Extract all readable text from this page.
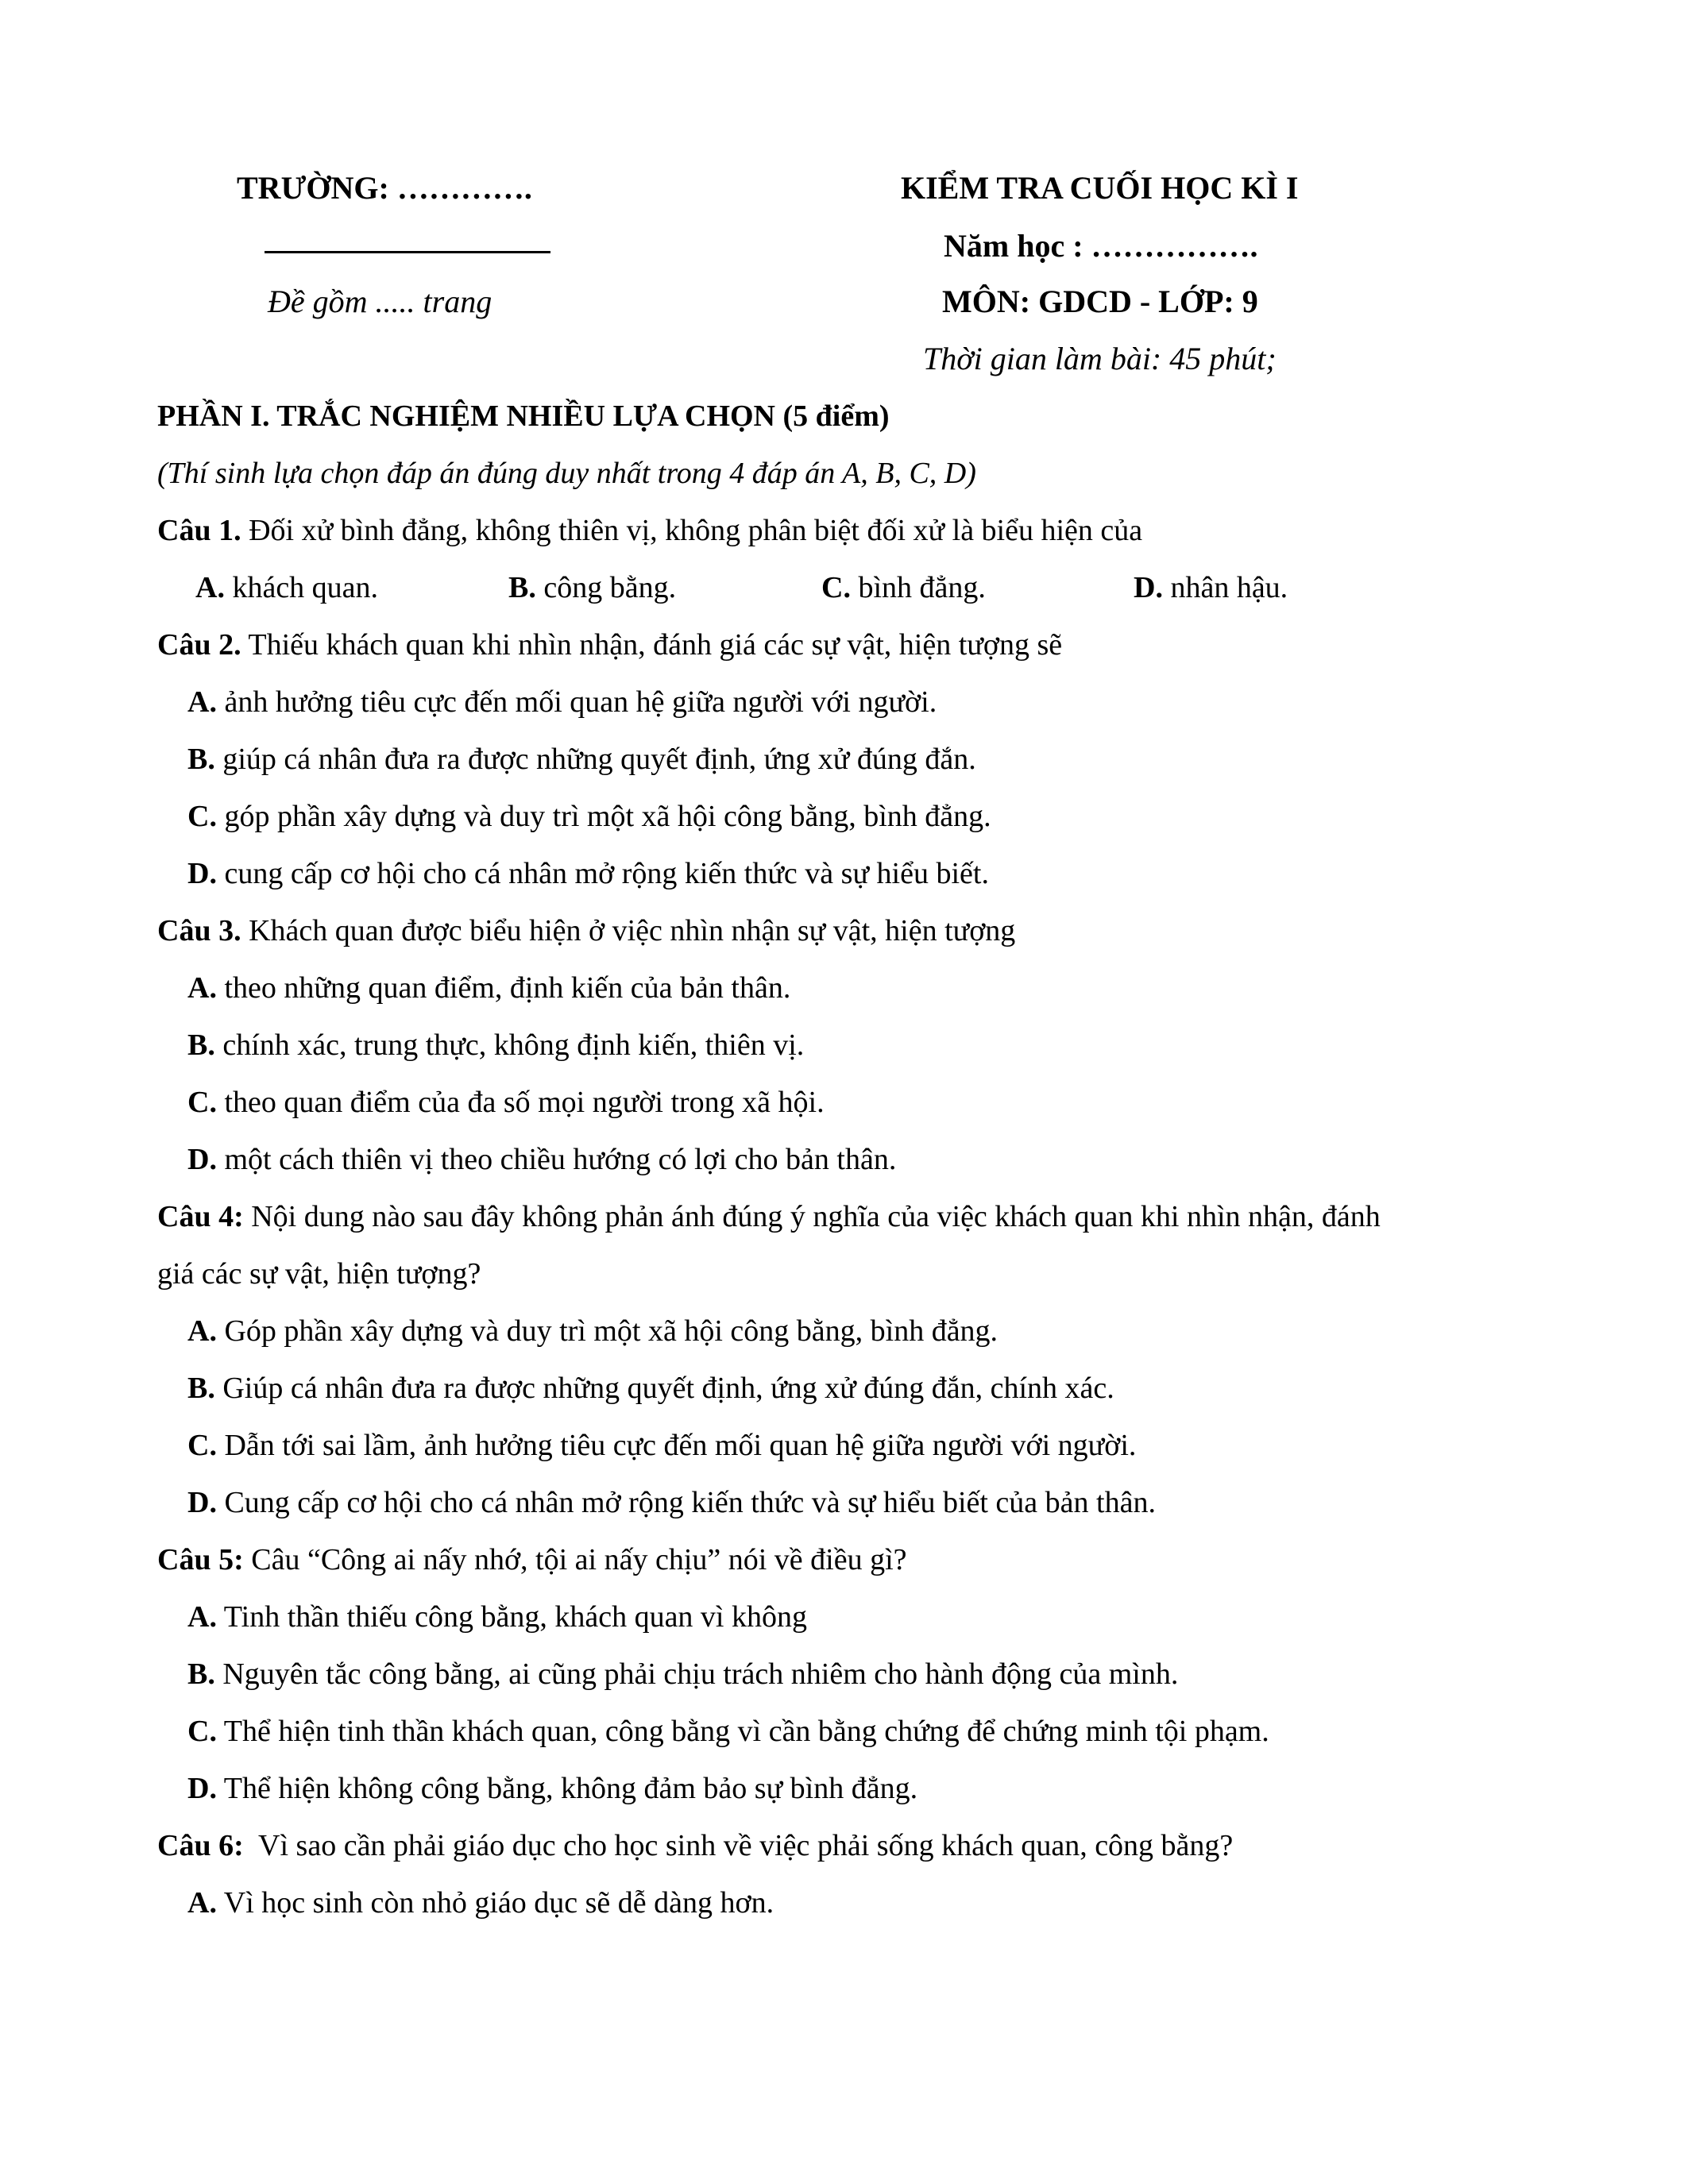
TRƯỜNG: ………….
Đề gồm ..... trang
KIỂM TRA CUỐI HỌC KÌ I
Năm học : …………….
MÔN: GDCD - LỚP: 9
Thời gian làm bài: 45 phút;
PHẦN I. TRẮC NGHIỆM NHIỀU LỰA CHỌN (5 điểm)
(Thí sinh lựa chọn đáp án đúng duy nhất trong 4 đáp án A, B, C, D)
Câu 1. Đối xử bình đẳng, không thiên vị, không phân biệt đối xử là biểu hiện của
A. khách quan.	B. công bằng.	C. bình đẳng.	D. nhân hậu.
Câu 2. Thiếu khách quan khi nhìn nhận, đánh giá các sự vật, hiện tượng sẽ
A. ảnh hưởng tiêu cực đến mối quan hệ giữa người với người.
B. giúp cá nhân đưa ra được những quyết định, ứng xử đúng đắn.
C. góp phần xây dựng và duy trì một xã hội công bằng, bình đẳng.
D. cung cấp cơ hội cho cá nhân mở rộng kiến thức và sự hiểu biết.
Câu 3. Khách quan được biểu hiện ở việc nhìn nhận sự vật, hiện tượng
A. theo những quan điểm, định kiến của bản thân.
B. chính xác, trung thực, không định kiến, thiên vị.
C. theo quan điểm của đa số mọi người trong xã hội.
D. một cách thiên vị theo chiều hướng có lợi cho bản thân.
Câu 4: Nội dung nào sau đây không phản ánh đúng ý nghĩa của việc khách quan khi nhìn nhận, đánh
giá các sự vật, hiện tượng?
A. Góp phần xây dựng và duy trì một xã hội công bằng, bình đẳng.
B. Giúp cá nhân đưa ra được những quyết định, ứng xử đúng đắn, chính xác.
C. Dẫn tới sai lầm, ảnh hưởng tiêu cực đến mối quan hệ giữa người với người.
D. Cung cấp cơ hội cho cá nhân mở rộng kiến thức và sự hiểu biết của bản thân.
Câu 5: Câu “Công ai nấy nhớ, tội ai nấy chịu” nói về điều gì?
A. Tinh thần thiếu công bằng, khách quan vì không
B. Nguyên tắc công bằng, ai cũng phải chịu trách nhiêm cho hành động của mình.
C. Thể hiện tinh thần khách quan, công bằng vì cần bằng chứng để chứng minh tội phạm.
D. Thể hiện không công bằng, không đảm bảo sự bình đẳng.
Câu 6:  Vì sao cần phải giáo dục cho học sinh về việc phải sống khách quan, công bằng?
A. Vì học sinh còn nhỏ giáo dục sẽ dễ dàng hơn.
